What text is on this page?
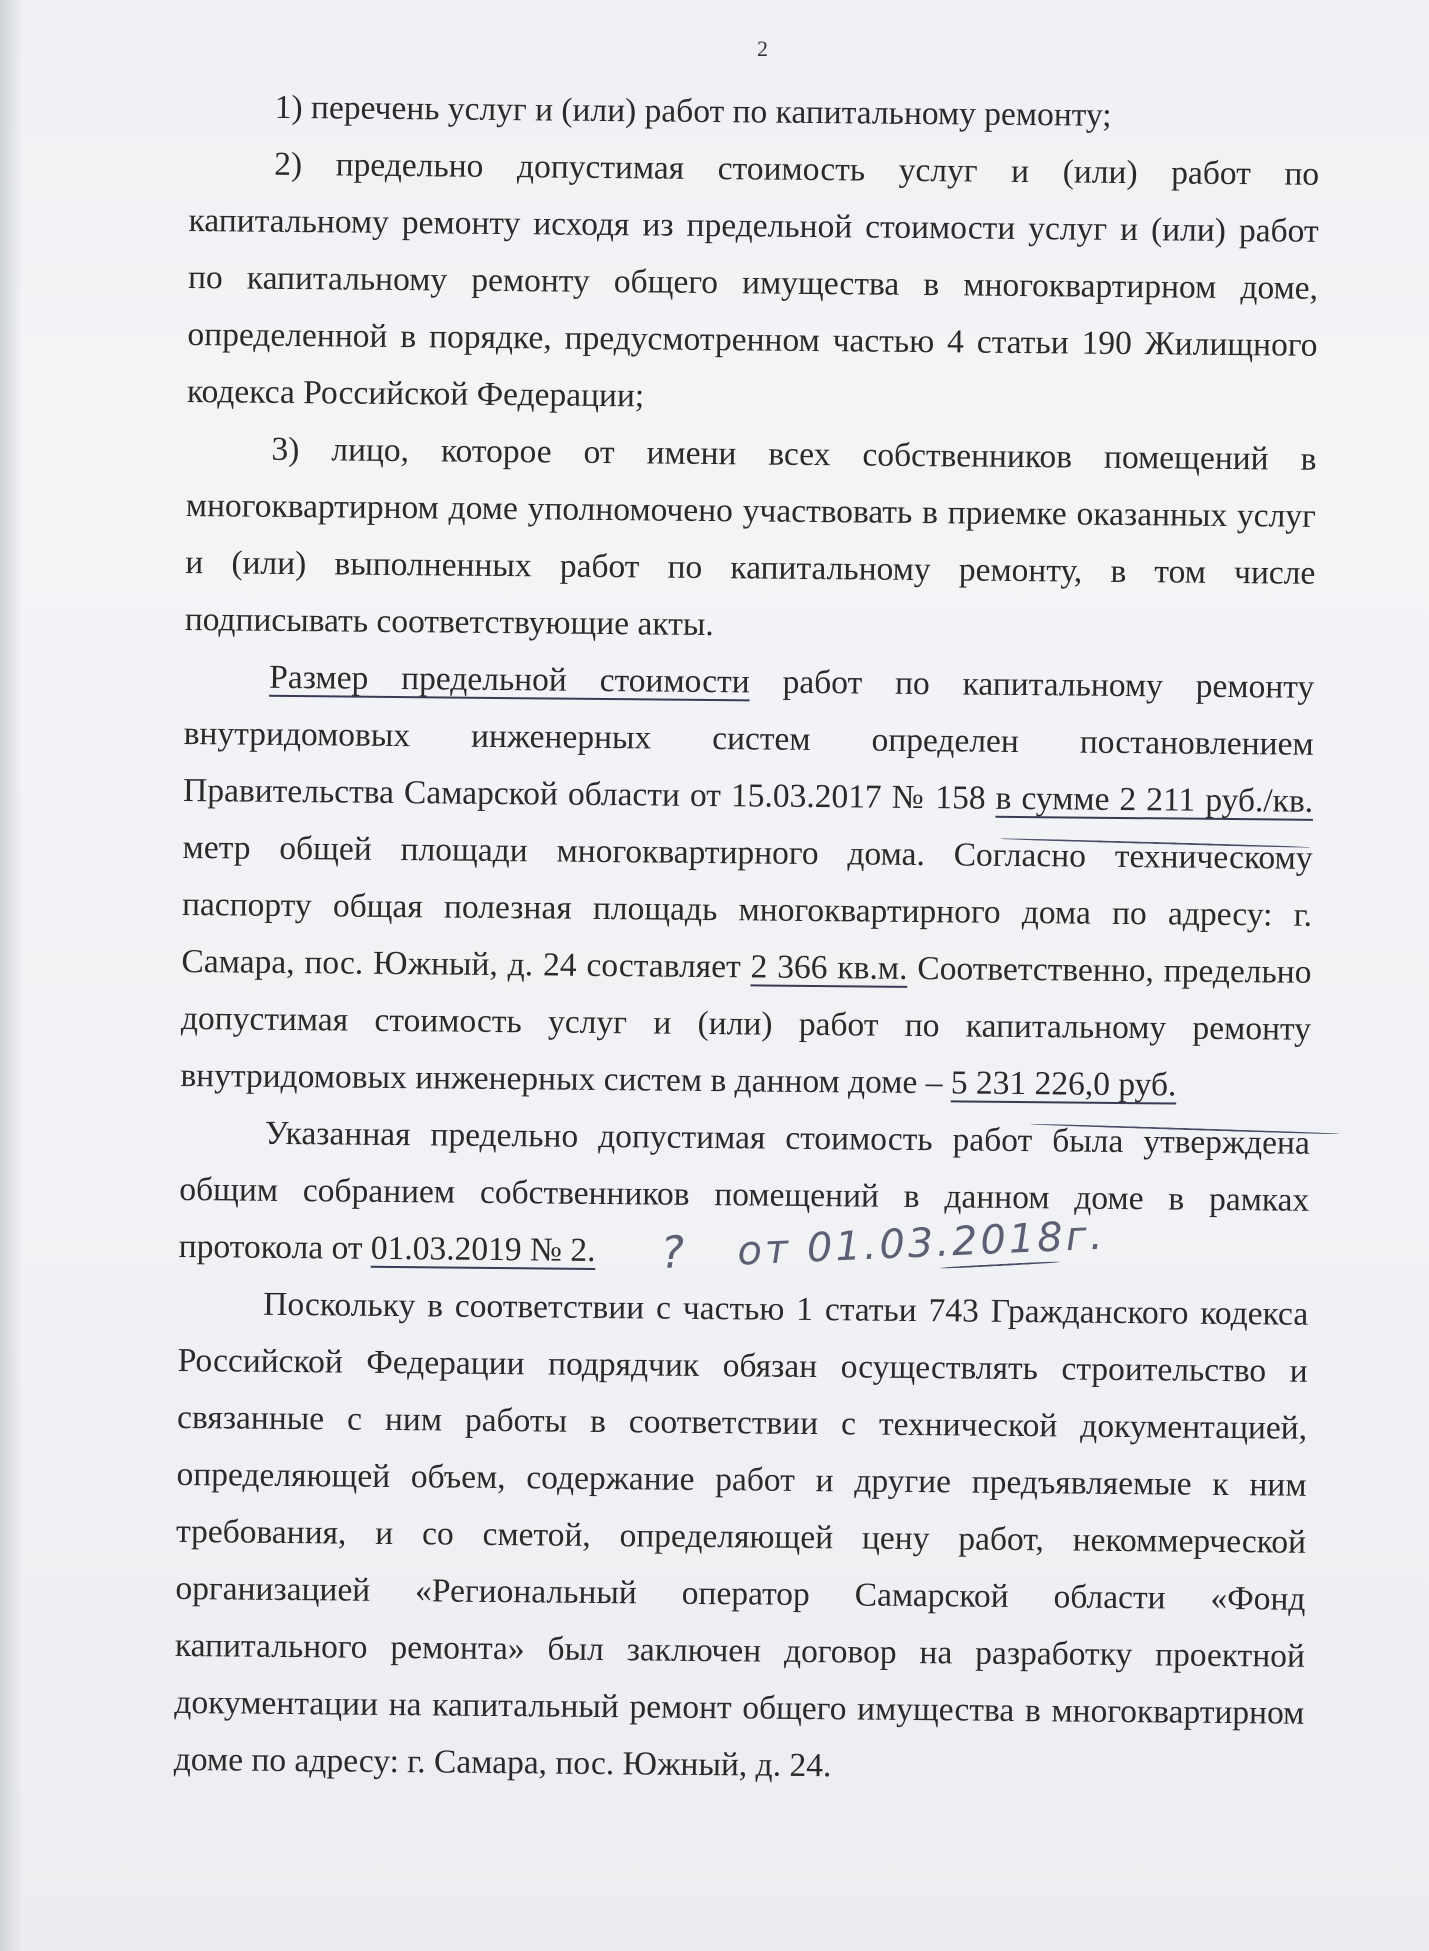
2

1) перечень услуг и (или) работ по капитальному ремонту;

2) предельно допустимая стоимость услуг и (или) работ по капитальному ремонту исходя из предельной стоимости услуг и (или) работ по капитальному ремонту общего имущества в многоквартирном доме, определенной в порядке, предусмотренном частью 4 статьи 190 Жилищного кодекса Российской Федерации;

3) лицо, которое от имени всех собственников помещений в многоквартирном доме уполномочено участвовать в приемке оказанных услуг и (или) выполненных работ по капитальному ремонту, в том числе подписывать соответствующие акты.

Размер предельной стоимости работ по капитальному ремонту внутридомовых инженерных систем определен постановлением Правительства Самарской области от 15.03.2017 № 158 в сумме 2 211 руб./кв. метр общей площади многоквартирного дома. Согласно техническому паспорту общая полезная площадь многоквартирного дома по адресу: г. Самара, пос. Южный, д. 24 составляет 2 366 кв.м. Соответственно, предельно допустимая стоимость услуг и (или) работ по капитальному ремонту внутридомовых инженерных систем в данном доме – 5 231 226,0 руб.

Указанная предельно допустимая стоимость работ была утверждена общим собранием собственников помещений в данном доме в рамках протокола от 01.03.2019 № 2.

Поскольку в соответствии с частью 1 статьи 743 Гражданского кодекса Российской Федерации подрядчик обязан осуществлять строительство и связанные с ним работы в соответствии с технической документацией, определяющей объем, содержание работ и другие предъявляемые к ним требования, и со сметой, определяющей цену работ, некоммерческой организацией «Региональный оператор Самарской области «Фонд капитального ремонта» был заключен договор на разработку проектной документации на капитальный ремонт общего имущества в многоквартирном доме по адресу: г. Самара, пос. Южный, д. 24.

? от 01.03.2018г.
